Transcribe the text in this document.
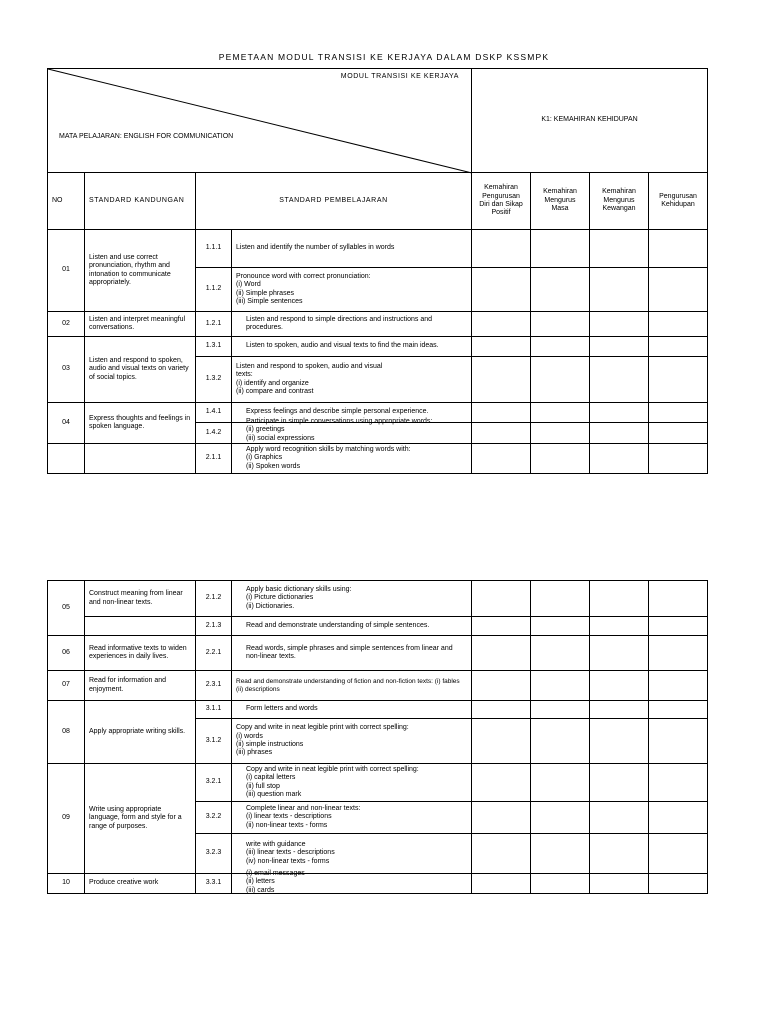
PEMETAAN MODUL TRANSISI KE KERJAYA DALAM DSKP KSSMPK
MODUL TRANSISI KE KERJAYA
MATA PELAJARAN: ENGLISH FOR COMMUNICATION				K1: KEMAHIRAN KEHIDUPAN			
NO	STANDARD KANDUNGAN	STANDARD PEMBELAJARAN		Kemahiran Pengurusan Diri dan Sikap Positif	Kemahiran Mengurus Masa	Kemahiran Mengurus Kewangan	Pengurusan Kehidupan
01	Listen and use correct pronunciation, rhythm and intonation to communicate appropriately.	1.1.1	Listen and identify the number of syllables in words				
		1.1.2	Pronounce word with correct pronunciation:
(i) Word
(ii) Simple phrases
(iii) Simple sentences				

02	Listen and interpret meaningful conversations.	1.2.1	Listen and respond to simple directions and instructions and procedures.				
03	Listen and respond to spoken, audio and visual texts on variety of social topics.	1.3.1	Listen to spoken, audio and visual texts to find the main ideas.				
		1.3.2	Listen and respond to spoken, audio and visual
texts:
(i) identify and organize
(ii) compare and contrast				

04	Express thoughts and feelings in spoken language.	1.4.1	Express feelings and describe simple personal experience.				
		1.4.2	Participate in simple conversations using appropriate words:
(ii) greetings
(iii) social expressions				

		2.1.1	Apply word recognition skills by matching words with:
(i) Graphics
(ii) Spoken words				

05	Construct meaning from linear and non-linear texts.	2.1.2	Apply basic dictionary skills using:
(i) Picture dictionaries
(ii) Dictionaries.				

		2.1.3	Read and demonstrate understanding of simple sentences.				
06	Read informative texts to widen experiences in daily lives.	2.2.1	Read words, simple phrases and simple sentences from linear and non-linear texts.				
07	Read for information and enjoyment.	2.3.1	Read and demonstrate understanding of fiction and non-fiction texts: (i) fables (ii) descriptions				
08	Apply appropriate writing skills.	3.1.1	Form letters and words				
		3.1.2	Copy and write in neat legible print with correct spelling:
(i) words
(ii) simple instructions
(iii) phrases				

09	Write using appropriate language, form and style for a range of purposes.	3.2.1	Copy and write in neat legible print with correct spelling:
(i) capital letters
(ii) full stop
(iii) question mark				

		3.2.2	Complete linear and non-linear texts:
(i) linear texts - descriptions
(ii) non-linear texts - forms				

		3.2.3	write with guidance
(iii) linear texts - descriptions
(iv) non-linear texts - forms				

10	Produce creative work	3.3.1	(i) email messages
(ii) letters
(iii) cards				
